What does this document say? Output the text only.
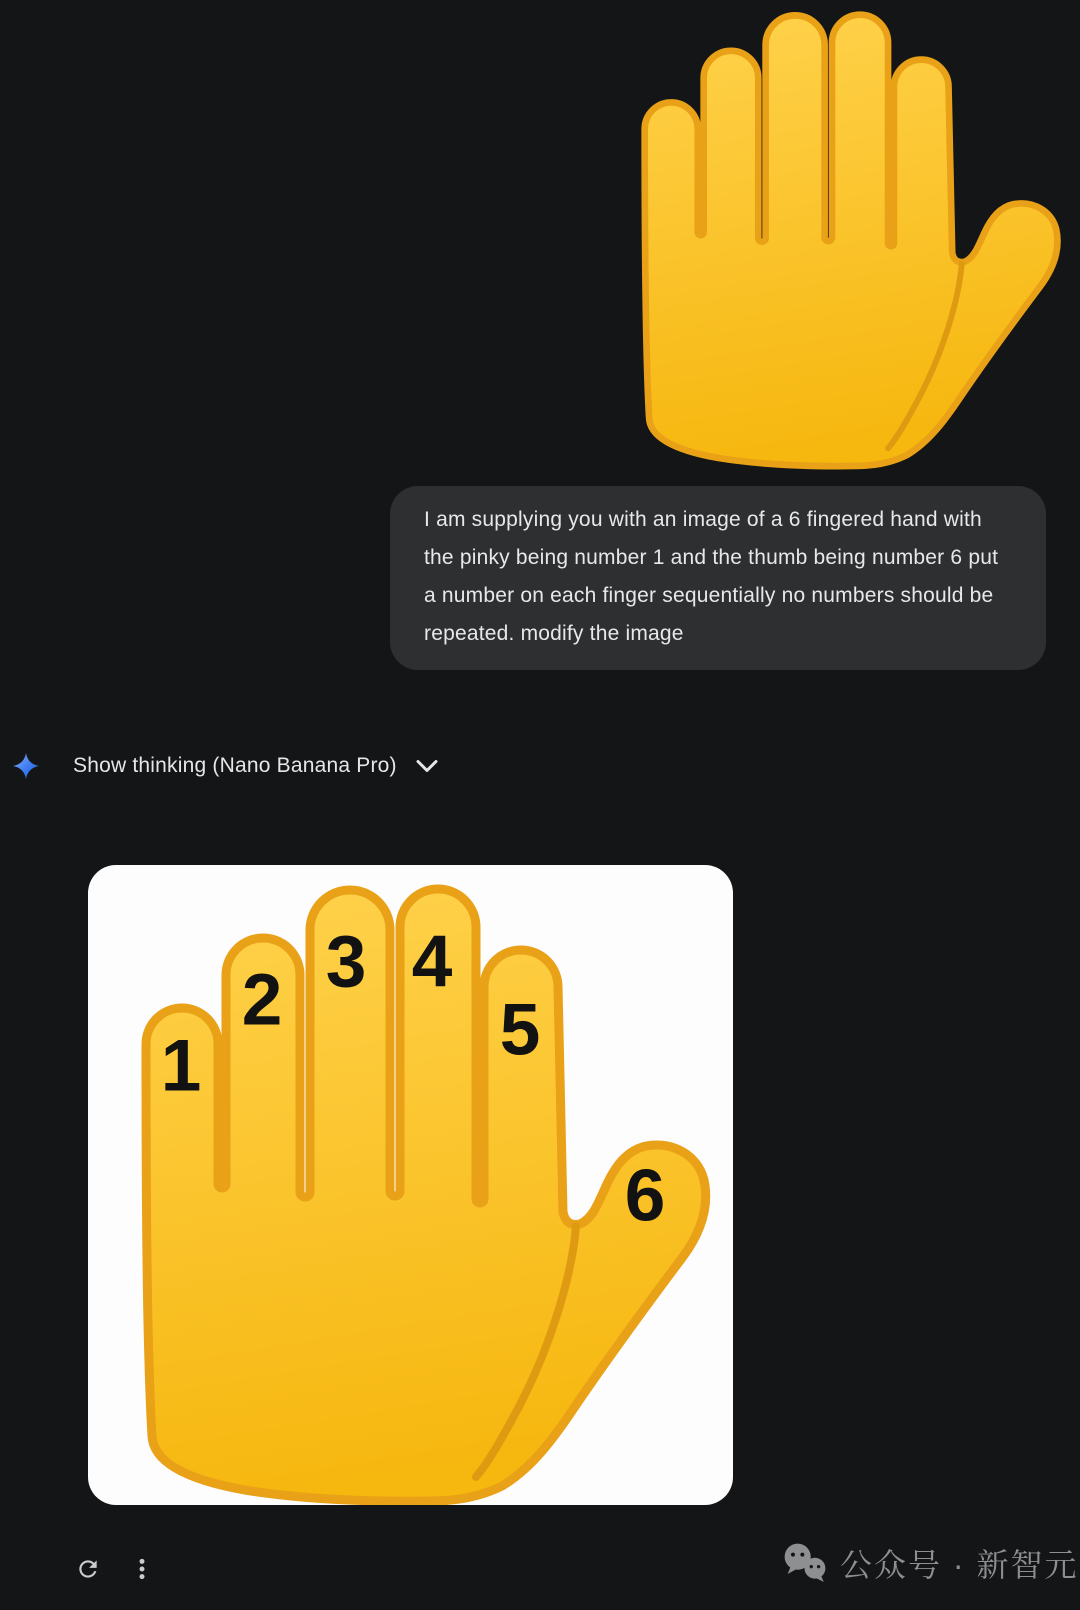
I am supplying you with an image of a 6 fingered hand with the pinky being number 1 and the thumb being number 6 put a number on each finger sequentially no numbers should be repeated. modify the image
Show thinking (Nano Banana Pro)
1
2 3 4
5
6
公众号 · 新智元
